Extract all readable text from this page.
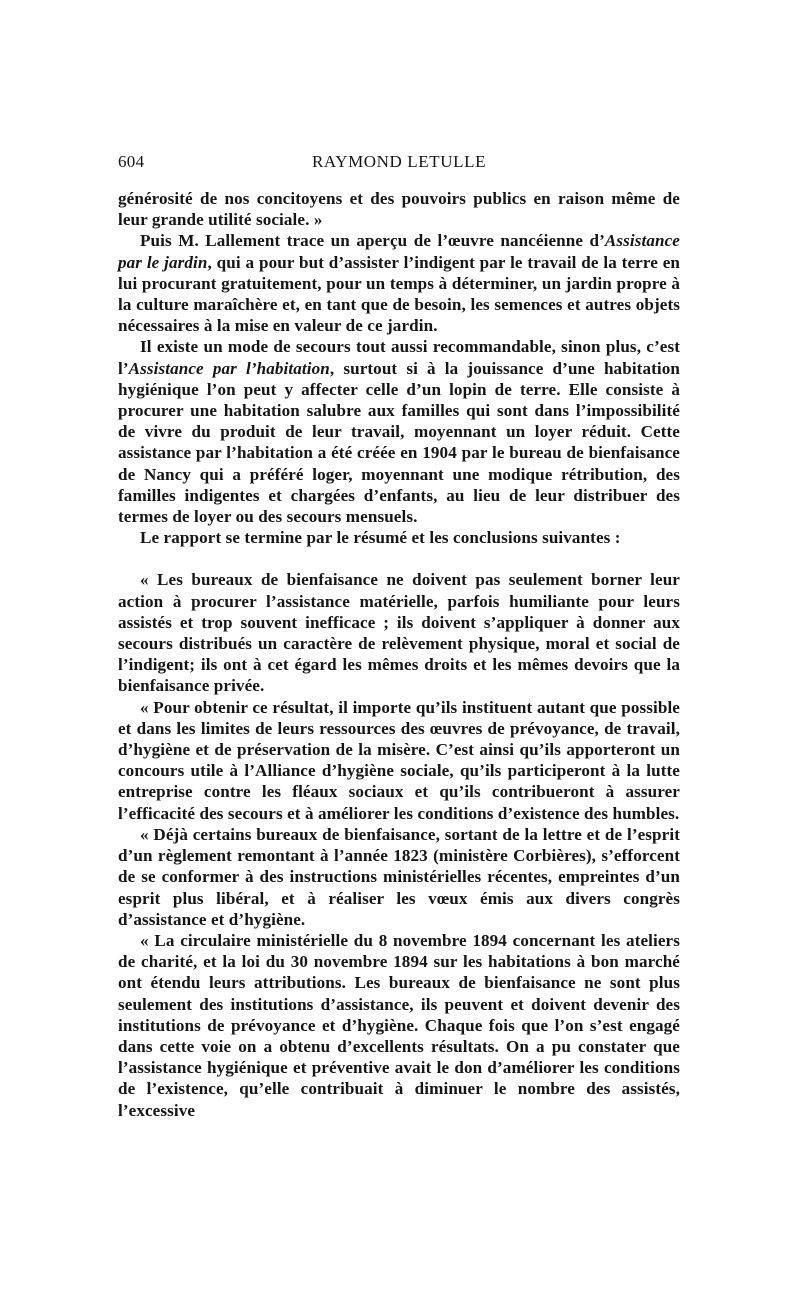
604	RAYMOND LETULLE

générosité de nos concitoyens et des pouvoirs publics en raison même de leur grande utilité sociale. »

Puis M. Lallement trace un aperçu de l’œuvre nancéienne d’Assistance par le jardin, qui a pour but d’assister l’indigent par le travail de la terre en lui procurant gratuitement, pour un temps à déterminer, un jardin propre à la culture maraîchère et, en tant que de besoin, les semences et autres objets nécessaires à la mise en valeur de ce jardin.

Il existe un mode de secours tout aussi recommandable, sinon plus, c’est l’Assistance par l’habitation, surtout si à la jouissance d’une habitation hygiénique l’on peut y affecter celle d’un lopin de terre. Elle consiste à procurer une habitation salubre aux familles qui sont dans l’impossibilité de vivre du produit de leur travail, moyennant un loyer réduit. Cette assistance par l’habitation a été créée en 1904 par le bureau de bienfaisance de Nancy qui a préféré loger, moyennant une modique rétribution, des familles indigentes et chargées d’enfants, au lieu de leur distribuer des termes de loyer ou des secours mensuels.

Le rapport se termine par le résumé et les conclusions suivantes :

« Les bureaux de bienfaisance ne doivent pas seulement borner leur action à procurer l’assistance matérielle, parfois humiliante pour leurs assistés et trop souvent inefficace ; ils doivent s’appliquer à donner aux secours distribués un caractère de relèvement physique, moral et social de l’indigent; ils ont à cet égard les mêmes droits et les mêmes devoirs que la bienfaisance privée.

« Pour obtenir ce résultat, il importe qu’ils instituent autant que possible et dans les limites de leurs ressources des œuvres de prévoyance, de travail, d’hygiène et de préservation de la misère. C’est ainsi qu’ils apporteront un concours utile à l’Alliance d’hygiène sociale, qu’ils participeront à la lutte entreprise contre les fléaux sociaux et qu’ils contribueront à assurer l’efficacité des secours et à améliorer les conditions d’existence des humbles.

« Déjà certains bureaux de bienfaisance, sortant de la lettre et de l’esprit d’un règlement remontant à l’année 1823 (ministère Corbières), s’efforcent de se conformer à des instructions ministérielles récentes, empreintes d’un esprit plus libéral, et à réaliser les vœux émis aux divers congrès d’assistance et d’hygiène.

« La circulaire ministérielle du 8 novembre 1894 concernant les ateliers de charité, et la loi du 30 novembre 1894 sur les habitations à bon marché ont étendu leurs attributions. Les bureaux de bienfaisance ne sont plus seulement des institutions d’assistance, ils peuvent et doivent devenir des institutions de prévoyance et d’hygiène. Chaque fois que l’on s’est engagé dans cette voie on a obtenu d’excellents résultats. On a pu constater que l’assistance hygiénique et préventive avait le don d’améliorer les conditions de l’existence, qu’elle contribuait à diminuer le nombre des assistés, l’excessive
